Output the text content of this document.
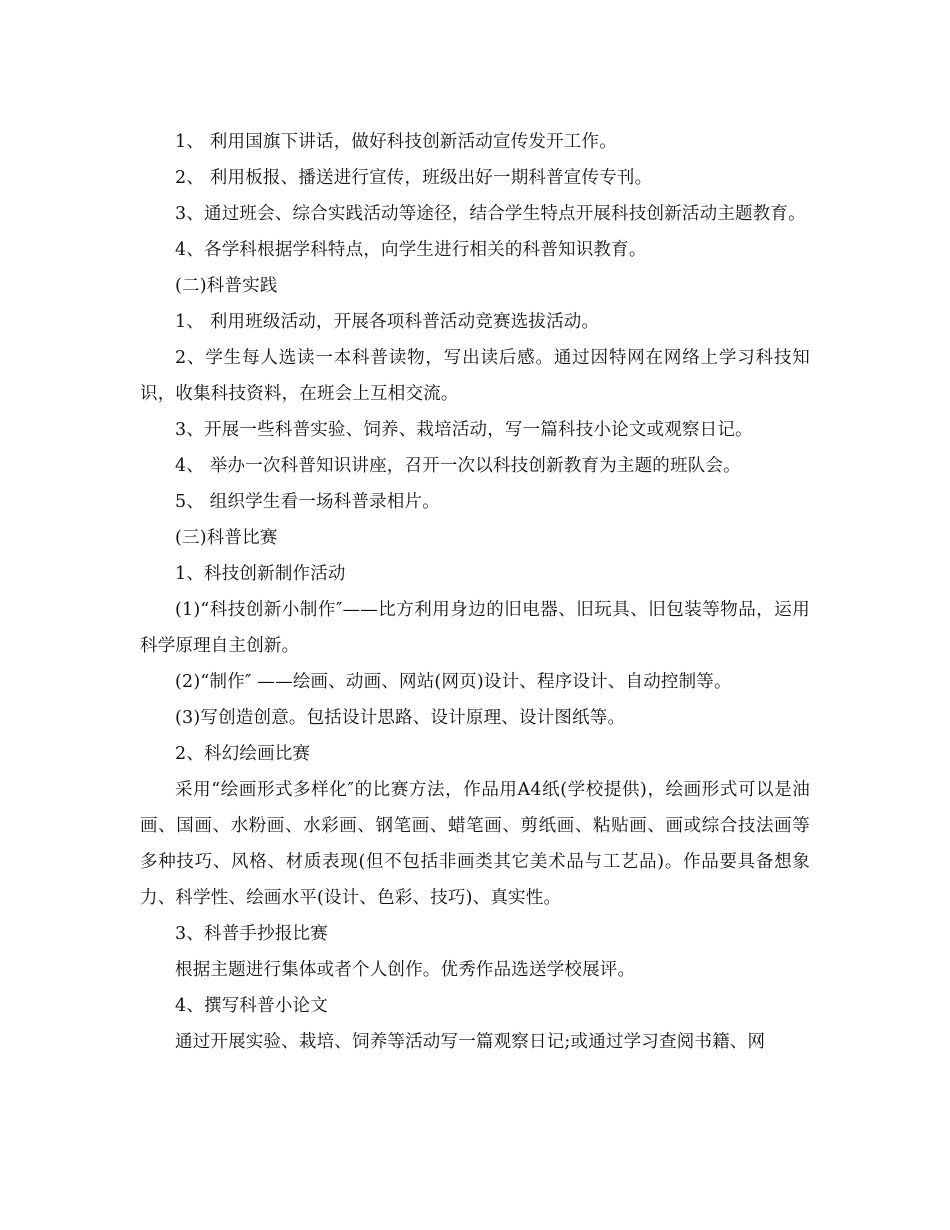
1、 利用国旗下讲话，做好科技创新活动宣传发开工作。

2、 利用板报、播送进行宣传，班级出好一期科普宣传专刊。

3、通过班会、综合实践活动等途径，结合学生特点开展科技创新活动主题教育。

4、各学科根据学科特点，向学生进行相关的科普知识教育。

(二)科普实践

1、 利用班级活动，开展各项科普活动竞赛选拔活动。

2、学生每人选读一本科普读物，写出读后感。通过因特网在网络上学习科技知识，收集科技资料，在班会上互相交流。

3、开展一些科普实验、饲养、栽培活动，写一篇科技小论文或观察日记。

4、 举办一次科普知识讲座，召开一次以科技创新教育为主题的班队会。

5、 组织学生看一场科普录相片。

(三)科普比赛

1、科技创新制作活动

(1)“科技创新小制作″——比方利用身边的旧电器、旧玩具、旧包装等物品，运用科学原理自主创新。

(2)“制作″ ——绘画、动画、网站(网页)设计、程序设计、自动控制等。

(3)写创造创意。包括设计思路、设计原理、设计图纸等。

2、科幻绘画比赛

采用“绘画形式多样化″的比赛方法，作品用A4纸(学校提供)，绘画形式可以是油画、国画、水粉画、水彩画、钢笔画、蜡笔画、剪纸画、粘贴画、画或综合技法画等多种技巧、风格、材质表现(但不包括非画类其它美术品与工艺品)。作品要具备想象力、科学性、绘画水平(设计、色彩、技巧)、真实性。

3、科普手抄报比赛

根据主题进行集体或者个人创作。优秀作品选送学校展评。

4、撰写科普小论文

通过开展实验、栽培、饲养等活动写一篇观察日记;或通过学习查阅书籍、网
